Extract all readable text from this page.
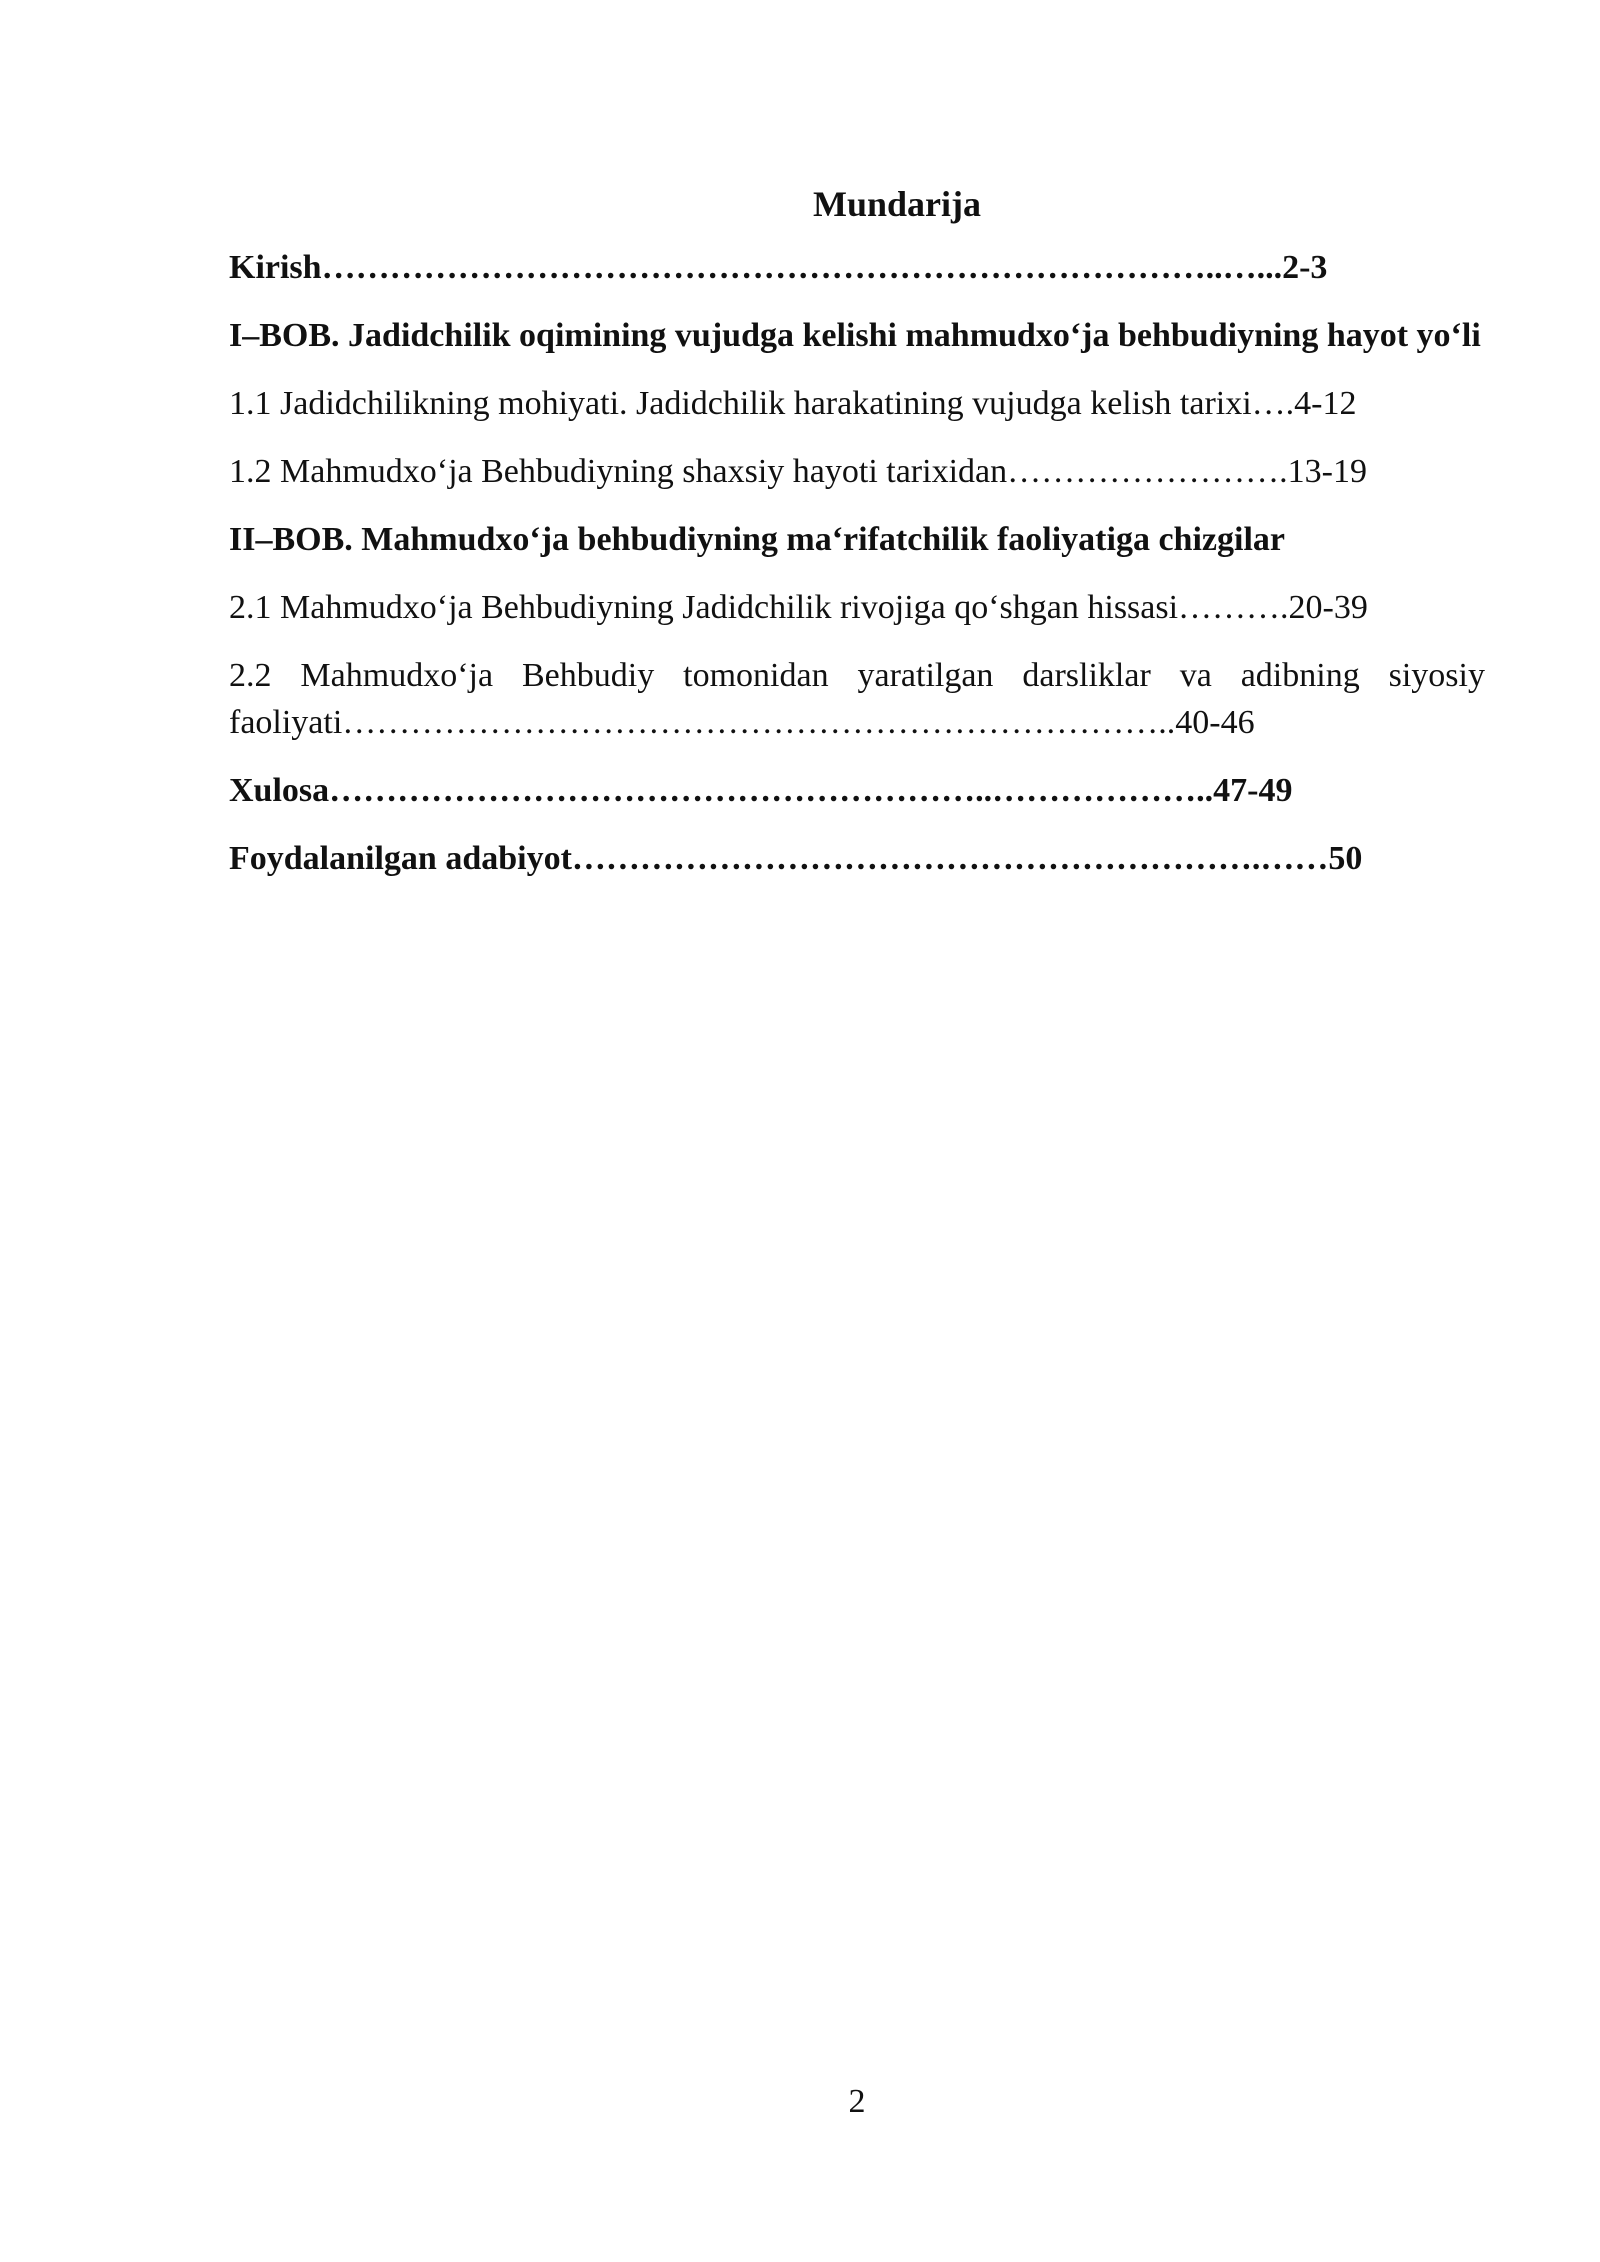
Mundarija
Kirish……………………………………………………………………..…...2-3
I–BOB. Jadidchilik oqimining vujudga kelishi mahmudxo‘ja behbudiyning hayot yo‘li
1.1 Jadidchilikning mohiyati. Jadidchilik harakatining vujudga kelish tarixi….4-12
1.2 Mahmudxo‘ja Behbudiyning shaxsiy hayoti tarixidan…………………….13-19
II–BOB. Mahmudxo‘ja behbudiyning ma‘rifatchilik faoliyatiga chizgilar
2.1 Mahmudxo‘ja Behbudiyning Jadidchilik rivojiga qo‘shgan hissasi……….20-39
2.2 Mahmudxo‘ja Behbudiy tomonidan yaratilgan darsliklar va adibning siyosiy faoliyati………………………………………………………………..40-46
Xulosa…………………………………………………..………………..47-49
Foydalanilgan adabiyot…………………………………………………….……50
2
